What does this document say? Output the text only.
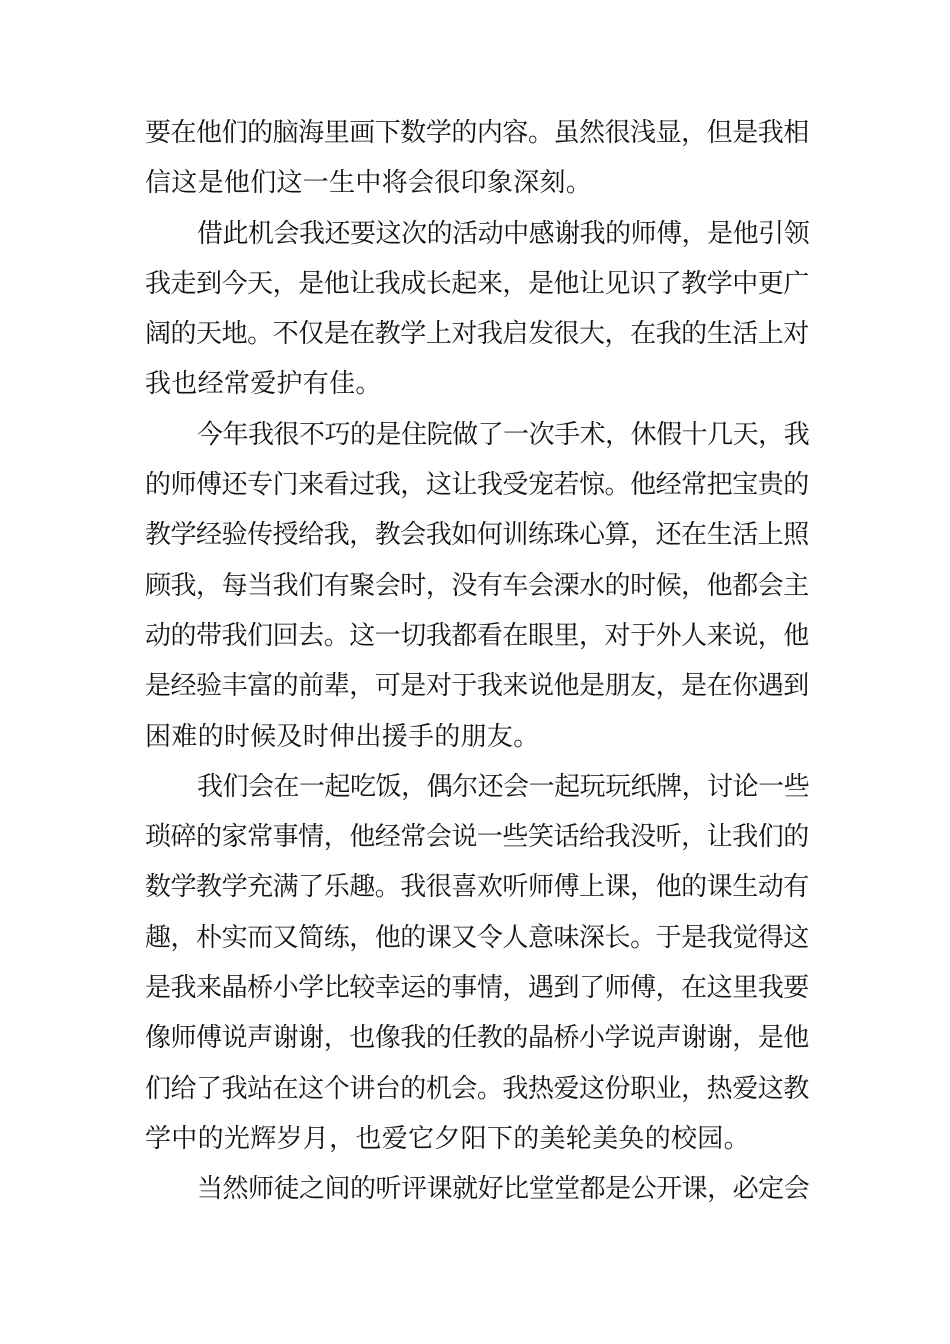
要在他们的脑海里画下数学的内容。虽然很浅显，但是我相
信这是他们这一生中将会很印象深刻。
借此机会我还要这次的活动中感谢我的师傅，是他引领
我走到今天，是他让我成长起来，是他让见识了教学中更广
阔的天地。不仅是在教学上对我启发很大，在我的生活上对
我也经常爱护有佳。
今年我很不巧的是住院做了一次手术，休假十几天，我
的师傅还专门来看过我，这让我受宠若惊。他经常把宝贵的
教学经验传授给我，教会我如何训练珠心算，还在生活上照
顾我，每当我们有聚会时，没有车会溧水的时候，他都会主
动的带我们回去。这一切我都看在眼里，对于外人来说，他
是经验丰富的前辈，可是对于我来说他是朋友，是在你遇到
困难的时候及时伸出援手的朋友。
我们会在一起吃饭，偶尔还会一起玩玩纸牌，讨论一些
琐碎的家常事情，他经常会说一些笑话给我没听，让我们的
数学教学充满了乐趣。我很喜欢听师傅上课，他的课生动有
趣，朴实而又简练，他的课又令人意味深长。于是我觉得这
是我来晶桥小学比较幸运的事情，遇到了师傅，在这里我要
像师傅说声谢谢，也像我的任教的晶桥小学说声谢谢，是他
们给了我站在这个讲台的机会。我热爱这份职业，热爱这教
学中的光辉岁月，也爱它夕阳下的美轮美奂的校园。
当然师徒之间的听评课就好比堂堂都是公开课，必定会
